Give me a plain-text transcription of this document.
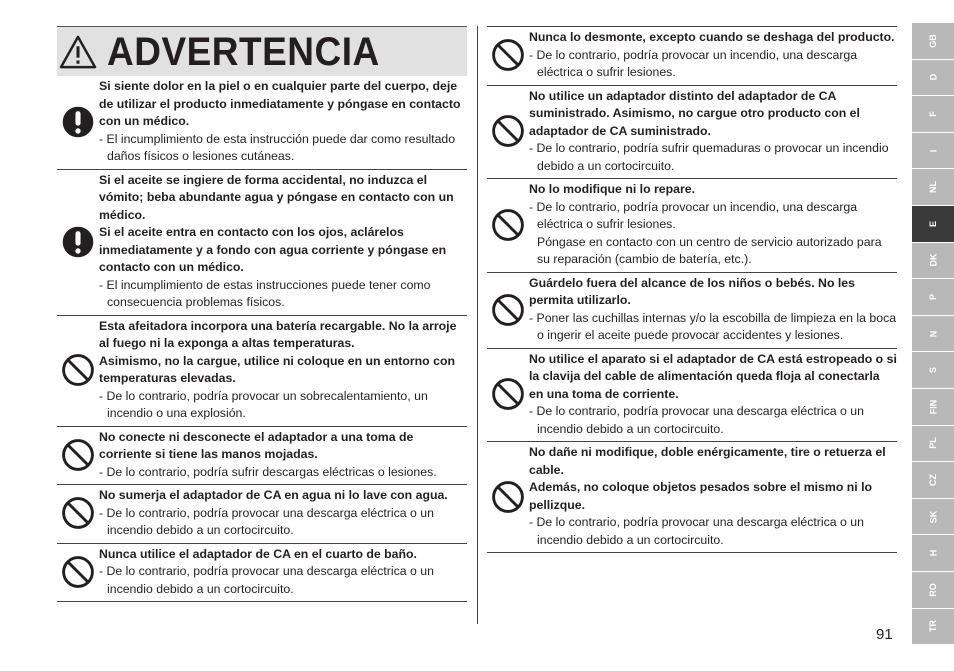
ADVERTENCIA

Si siente dolor en la piel o en cualquier parte del cuerpo, deje de utilizar el producto inmediatamente y póngase en contacto con un médico.

- El incumplimiento de esta instrucción puede dar como resultado daños físicos o lesiones cutáneas.

Si el aceite se ingiere de forma accidental, no induzca el vómito; beba abundante agua y póngase en contacto con un médico.

Si el aceite entra en contacto con los ojos, aclárelos inmediatamente y a fondo con agua corriente y póngase en contacto con un médico.

- El incumplimiento de estas instrucciones puede tener como consecuencia problemas físicos.

Esta afeitadora incorpora una batería recargable. No la arroje al fuego ni la exponga a altas temperaturas.

Asimismo, no la cargue, utilice ni coloque en un entorno con temperaturas elevadas.

- De lo contrario, podría provocar un sobrecalentamiento, un incendio o una explosión.

No conecte ni desconecte el adaptador a una toma de corriente si tiene las manos mojadas.

- De lo contrario, podría sufrir descargas eléctricas o lesiones.

No sumerja el adaptador de CA en agua ni lo lave con agua.

- De lo contrario, podría provocar una descarga eléctrica o un incendio debido a un cortocircuito.

Nunca utilice el adaptador de CA en el cuarto de baño.

- De lo contrario, podría provocar una descarga eléctrica o un incendio debido a un cortocircuito.

Nunca lo desmonte, excepto cuando se deshaga del producto.

- De lo contrario, podría provocar un incendio, una descarga eléctrica o sufrir lesiones.

No utilice un adaptador distinto del adaptador de CA suministrado. Asimismo, no cargue otro producto con el adaptador de CA suministrado.

- De lo contrario, podría sufrir quemaduras o provocar un incendio debido a un cortocircuito.

No lo modifique ni lo repare.

- De lo contrario, podría provocar un incendio, una descarga eléctrica o sufrir lesiones.

Póngase en contacto con un centro de servicio autorizado para su reparación (cambio de batería, etc.).

Guárdelo fuera del alcance de los niños o bebés. No les permita utilizarlo.

- Poner las cuchillas internas y/o la escobilla de limpieza en la boca o ingerir el aceite puede provocar accidentes y lesiones.

No utilice el aparato si el adaptador de CA está estropeado o si la clavija del cable de alimentación queda floja al conectarla en una toma de corriente.

- De lo contrario, podría provocar una descarga eléctrica o un incendio debido a un cortocircuito.

No dañe ni modifique, doble enérgicamente, tire o retuerza el cable.

Además, no coloque objetos pesados sobre el mismo ni lo pellizque.

- De lo contrario, podría provocar una descarga eléctrica o un incendio debido a un cortocircuito.

GB
D
F
I
NL
E
DK
P
N
S
FIN
PL
CZ
SK
H
RO
TR
91
